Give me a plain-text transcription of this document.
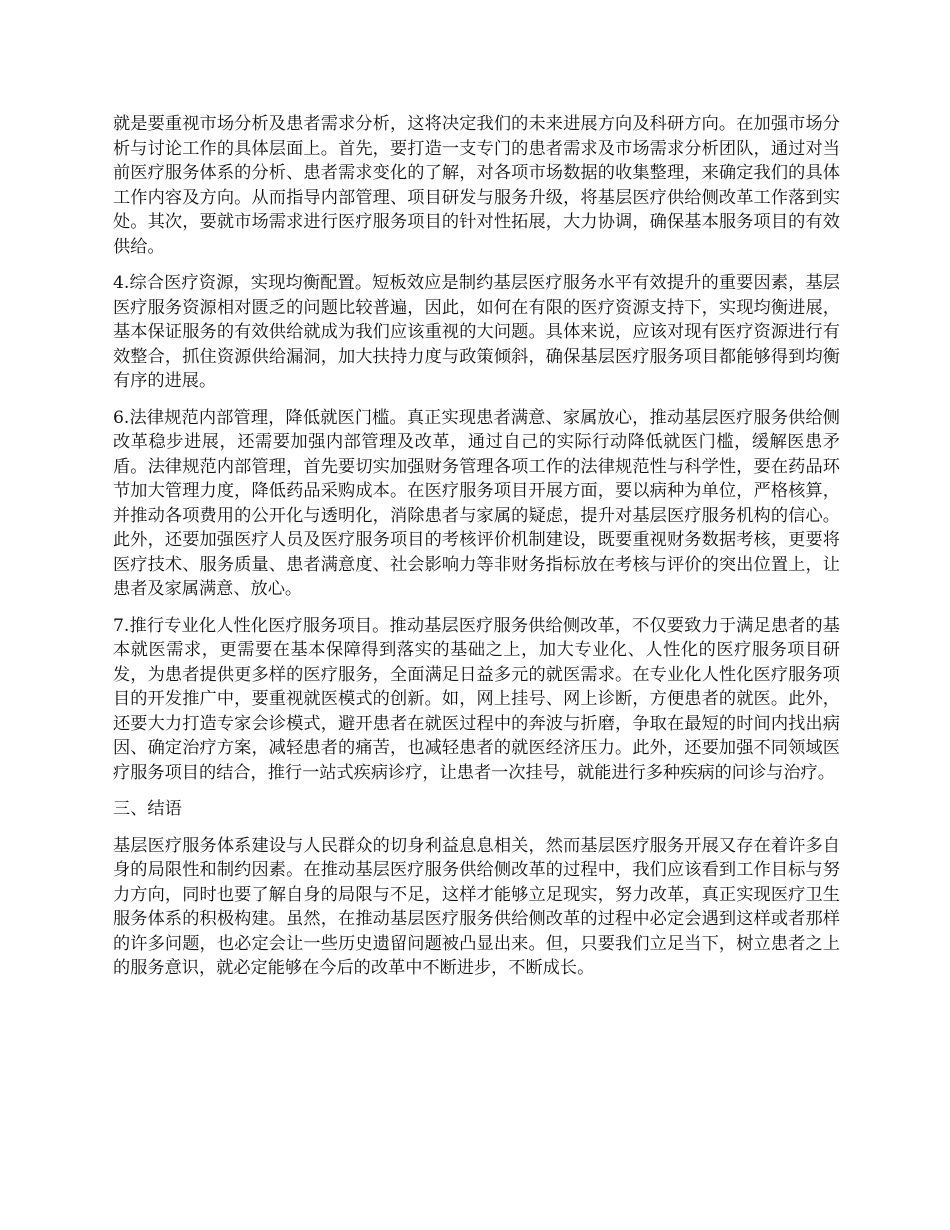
就是要重视市场分析及患者需求分析，这将决定我们的未来进展方向及科研方向。在加强市场分析与讨论工作的具体层面上。首先，要打造一支专门的患者需求及市场需求分析团队，通过对当前医疗服务体系的分析、患者需求变化的了解，对各项市场数据的收集整理，来确定我们的具体工作内容及方向。从而指导内部管理、项目研发与服务升级，将基层医疗供给侧改革工作落到实处。其次，要就市场需求进行医疗服务项目的针对性拓展，大力协调，确保基本服务项目的有效供给。

4.综合医疗资源，实现均衡配置。短板效应是制约基层医疗服务水平有效提升的重要因素，基层医疗服务资源相对匮乏的问题比较普遍，因此，如何在有限的医疗资源支持下，实现均衡进展，基本保证服务的有效供给就成为我们应该重视的大问题。具体来说，应该对现有医疗资源进行有效整合，抓住资源供给漏洞，加大扶持力度与政策倾斜，确保基层医疗服务项目都能够得到均衡有序的进展。

6.法律规范内部管理，降低就医门槛。真正实现患者满意、家属放心，推动基层医疗服务供给侧改革稳步进展，还需要加强内部管理及改革，通过自己的实际行动降低就医门槛，缓解医患矛盾。法律规范内部管理，首先要切实加强财务管理各项工作的法律规范性与科学性，要在药品环节加大管理力度，降低药品采购成本。在医疗服务项目开展方面，要以病种为单位，严格核算，并推动各项费用的公开化与透明化，消除患者与家属的疑虑，提升对基层医疗服务机构的信心。此外，还要加强医疗人员及医疗服务项目的考核评价机制建设，既要重视财务数据考核，更要将医疗技术、服务质量、患者满意度、社会影响力等非财务指标放在考核与评价的突出位置上，让患者及家属满意、放心。

7.推行专业化人性化医疗服务项目。推动基层医疗服务供给侧改革，不仅要致力于满足患者的基本就医需求，更需要在基本保障得到落实的基础之上，加大专业化、人性化的医疗服务项目研发，为患者提供更多样的医疗服务，全面满足日益多元的就医需求。在专业化人性化医疗服务项目的开发推广中，要重视就医模式的创新。如，网上挂号、网上诊断，方便患者的就医。此外，还要大力打造专家会诊模式，避开患者在就医过程中的奔波与折磨，争取在最短的时间内找出病因、确定治疗方案，减轻患者的痛苦，也减轻患者的就医经济压力。此外，还要加强不同领域医疗服务项目的结合，推行一站式疾病诊疗，让患者一次挂号，就能进行多种疾病的问诊与治疗。

三、结语

基层医疗服务体系建设与人民群众的切身利益息息相关，然而基层医疗服务开展又存在着许多自身的局限性和制约因素。在推动基层医疗服务供给侧改革的过程中，我们应该看到工作目标与努力方向，同时也要了解自身的局限与不足，这样才能够立足现实，努力改革，真正实现医疗卫生服务体系的积极构建。虽然，在推动基层医疗服务供给侧改革的过程中必定会遇到这样或者那样的许多问题，也必定会让一些历史遗留问题被凸显出来。但，只要我们立足当下，树立患者之上的服务意识，就必定能够在今后的改革中不断进步，不断成长。
